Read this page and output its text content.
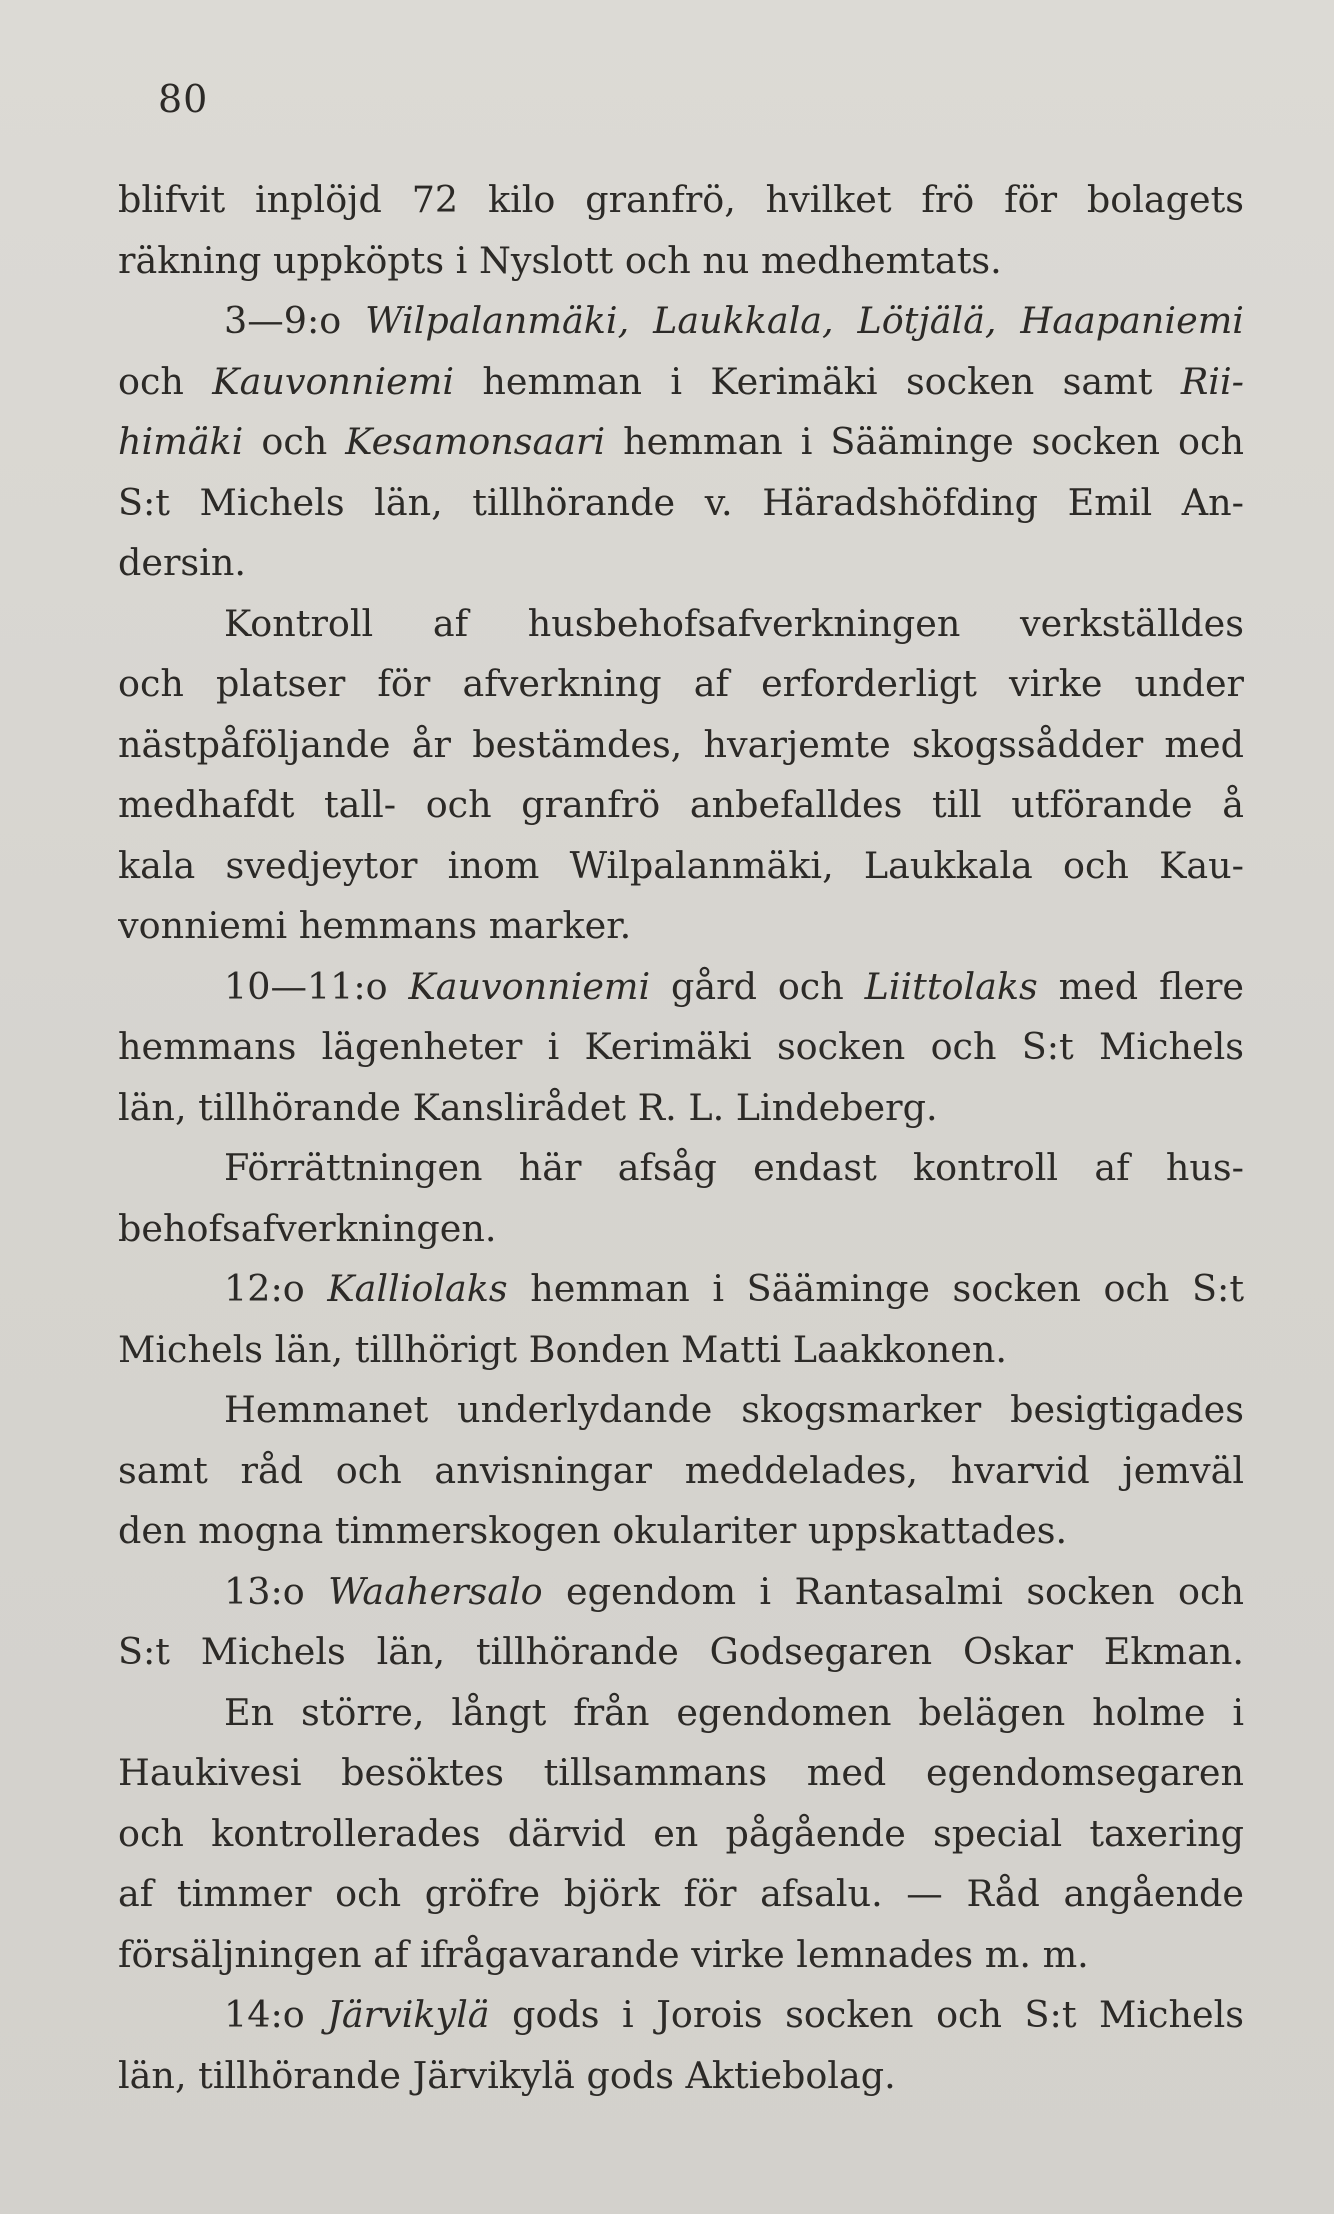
80
blifvit inplöjd 72 kilo granfrö, hvilket frö för bolagets
räkning uppköpts i Nyslott och nu medhemtats.
3—9:o Wilpalanmäki, Laukkala, Lötjälä, Haapaniemi
och Kauvonniemi hemman i Kerimäki socken samt Rii-
himäki och Kesamonsaari hemman i Sääminge socken och
S:t Michels län, tillhörande v. Häradshöfding Emil An-
dersin.
Kontroll af husbehofsafverkningen verkställdes
och platser för afverkning af erforderligt virke under
nästpåföljande år bestämdes, hvarjemte skogssådder med
medhafdt tall- och granfrö anbefalldes till utförande å
kala svedjeytor inom Wilpalanmäki, Laukkala och Kau-
vonniemi hemmans marker.
10—11:o Kauvonniemi gård och Liittolaks med flere
hemmans lägenheter i Kerimäki socken och S:t Michels
län, tillhörande Kanslirådet R. L. Lindeberg.
Förrättningen här afsåg endast kontroll af hus-
behofsafverkningen.
12:o Kalliolaks hemman i Sääminge socken och S:t
Michels län, tillhörigt Bonden Matti Laakkonen.
Hemmanet underlydande skogsmarker besigtigades
samt råd och anvisningar meddelades, hvarvid jemväl
den mogna timmerskogen okulariter uppskattades.
13:o Waahersalo egendom i Rantasalmi socken och
S:t Michels län, tillhörande Godsegaren Oskar Ekman.
En större, långt från egendomen belägen holme i
Haukivesi besöktes tillsammans med egendomsegaren
och kontrollerades därvid en pågående special taxering
af timmer och gröfre björk för afsalu. — Råd angående
försäljningen af ifrågavarande virke lemnades m. m.
14:o Järvikylä gods i Jorois socken och S:t Michels
län, tillhörande Järvikylä gods Aktiebolag.
